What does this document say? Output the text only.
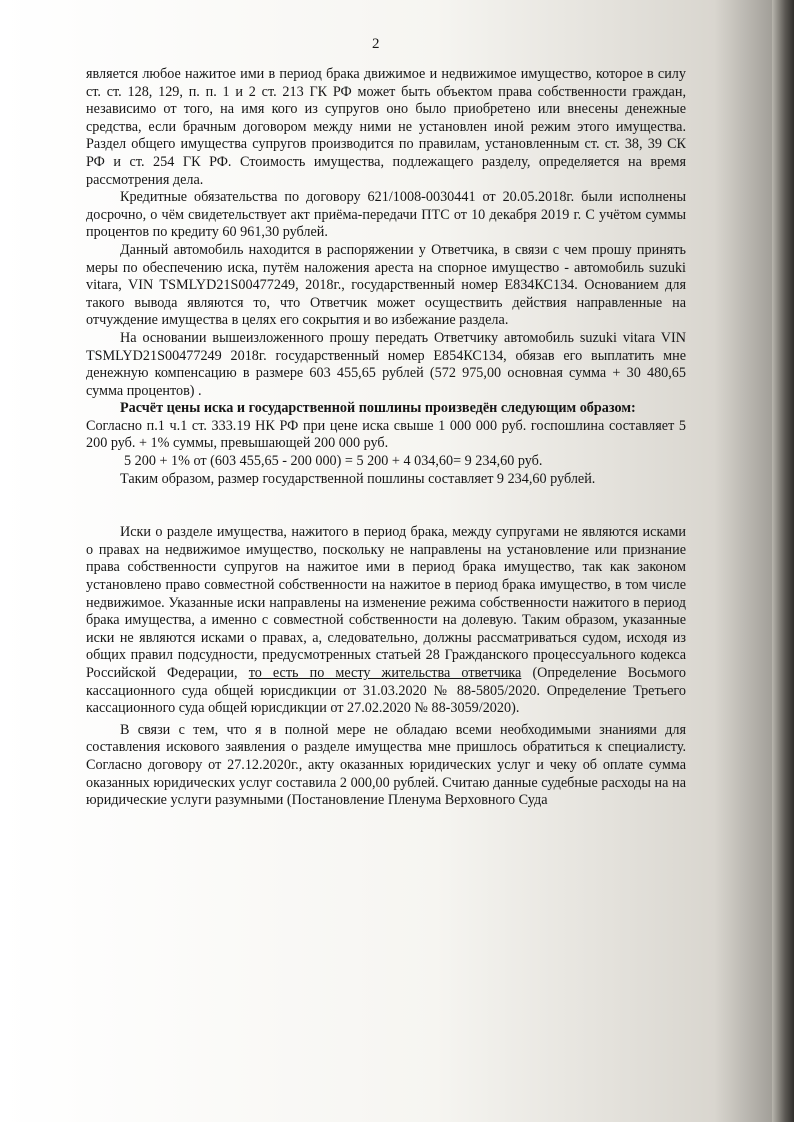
2

является любое нажитое ими в период брака движимое и недвижимое имущество, которое в силу ст. ст. 128, 129, п. п. 1 и 2 ст. 213 ГК РФ может быть объектом права собственности граждан, независимо от того, на имя кого из супругов оно было приобретено или внесены денежные средства, если брачным договором между ними не установлен иной режим этого имущества. Раздел общего имущества супругов производится по правилам, установленным ст. ст. 38, 39 СК РФ и ст. 254 ГК РФ. Стоимость имущества, подлежащего разделу, определяется на время рассмотрения дела.

Кредитные обязательства по договору 621/1008-0030441 от 20.05.2018г. были исполнены досрочно, о чём свидетельствует акт приёма-передачи ПТС от 10 декабря 2019 г. С учётом суммы процентов по кредиту 60 961,30 рублей.

Данный автомобиль находится в распоряжении у Ответчика, в связи с чем прошу принять меры по обеспечению иска, путём наложения ареста на спорное имущество - автомобиль suzuki vitara, VIN TSMLYD21S00477249, 2018г., государственный номер Е834КС134. Основанием для такого вывода являются то, что Ответчик может осуществить действия направленные на отчуждение имущества в целях его сокрытия и во избежание раздела.

На основании вышеизложенного прошу передать Ответчику автомобиль suzuki vitara VIN TSMLYD21S00477249 2018г. государственный номер Е854КС134, обязав его выплатить мне денежную компенсацию в размере 603 455,65 рублей (572 975,00 основная сумма + 30 480,65 сумма процентов) .

Расчёт цены иска и государственной пошлины произведён следующим образом:

Согласно п.1 ч.1 ст. 333.19 НК РФ при цене иска свыше 1 000 000 руб. госпошлина составляет 5 200 руб. + 1% суммы, превышающей 200 000 руб.

5 200 + 1% от (603 455,65 - 200 000) = 5 200 + 4 034,60= 9 234,60 руб.

Таким образом, размер государственной пошлины составляет 9 234,60 рублей.

Иски о разделе имущества, нажитого в период брака, между супругами не являются исками о правах на недвижимое имущество, поскольку не направлены на установление или признание права собственности супругов на нажитое ими в период брака имущество, так как законом установлено право совместной собственности на нажитое в период брака имущество, в том числе недвижимое. Указанные иски направлены на изменение режима собственности нажитого в период брака имущества, а именно с совместной собственности на долевую. Таким образом, указанные иски не являются исками о правах, а, следовательно, должны рассматриваться судом, исходя из общих правил подсудности, предусмотренных статьей 28 Гражданского процессуального кодекса Российской Федерации, то есть по месту жительства ответчика (Определение Восьмого кассационного суда общей юрисдикции от 31.03.2020 № 88-5805/2020. Определение Третьего кассационного суда общей юрисдикции от 27.02.2020 № 88-3059/2020).

В связи с тем, что я в полной мере не обладаю всеми необходимыми знаниями для составления искового заявления о разделе имущества мне пришлось обратиться к специалисту. Согласно договору от 27.12.2020г., акту оказанных юридических услуг и чеку об оплате сумма оказанных юридических услуг составила 2 000,00 рублей. Считаю данные судебные расходы на на юридические услуги разумными (Постановление Пленума Верховного Суда
